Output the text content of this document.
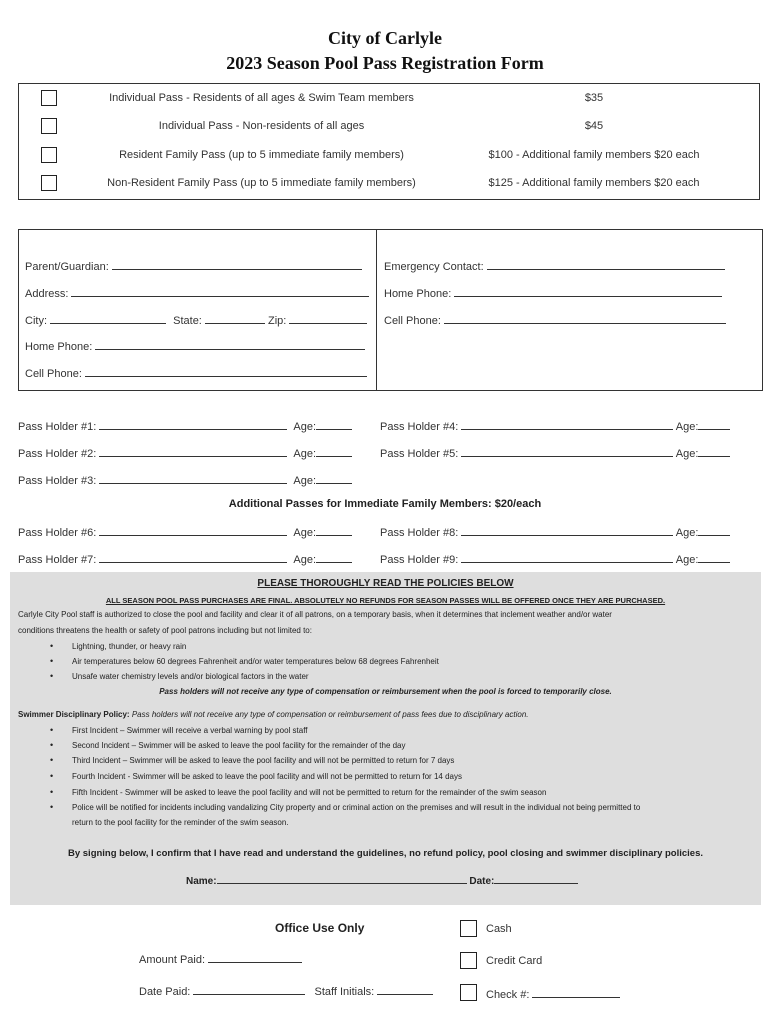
City of Carlyle
2023 Season Pool Pass Registration Form
Individual Pass - Residents of all ages & Swim Team members	$35
Individual Pass - Non-residents of all ages	$45
Resident Family Pass (up to 5 immediate family members)	$100 - Additional family members $20 each
Non-Resident Family Pass (up to 5 immediate family members)	$125 - Additional family members $20 each
Parent/Guardian:
Address:
City:	State:	Zip:
Home Phone:
Cell Phone:
Emergency Contact:
Home Phone:
Cell Phone:
Pass Holder #1:	Age:
Pass Holder #2:	Age:
Pass Holder #3:	Age:
Pass Holder #4:	Age:
Pass Holder #5:	Age:
Additional Passes for Immediate Family Members: $20/each
Pass Holder #6:	Age:
Pass Holder #7:	Age:
Pass Holder #8:	Age:
Pass Holder #9:	Age:
PLEASE THOROUGHLY READ THE POLICIES BELOW
ALL SEASON POOL PASS PURCHASES ARE FINAL. ABSOLUTELY NO REFUNDS FOR SEASON PASSES WILL BE OFFERED ONCE THEY ARE PURCHASED.
Carlyle City Pool staff is authorized to close the pool and facility and clear it of all patrons, on a temporary basis, when it determines that inclement weather and/or water
conditions threatens the health or safety of pool patrons including but not limited to:
• Lightning, thunder, or heavy rain
• Air temperatures below 60 degrees Fahrenheit and/or water temperatures below 68 degrees Fahrenheit
• Unsafe water chemistry levels and/or biological factors in the water
Pass holders will not receive any type of compensation or reimbursement when the pool is forced to temporarily close.
Swimmer Disciplinary Policy: Pass holders will not receive any type of compensation or reimbursement of pass fees due to disciplinary action.
• First Incident – Swimmer will receive a verbal warning by pool staff
• Second Incident – Swimmer will be asked to leave the pool facility for the remainder of the day
• Third Incident – Swimmer will be asked to leave the pool facility and will not be permitted to return for 7 days
• Fourth Incident - Swimmer will be asked to leave the pool facility and will not be permitted to return for 14 days
• Fifth Incident - Swimmer will be asked to leave the pool facility and will not be permitted to return for the remainder of the swim season
• Police will be notified for incidents including vandalizing City property and or criminal action on the premises and will result in the individual not being permitted to
return to the pool facility for the reminder of the swim season.
By signing below, I confirm that I have read and understand the guidelines, no refund policy, pool closing and swimmer disciplinary policies.
Name:	Date:
Office Use Only
Amount Paid:
Date Paid:	Staff Initials:
Cash
Credit Card
Check #:
